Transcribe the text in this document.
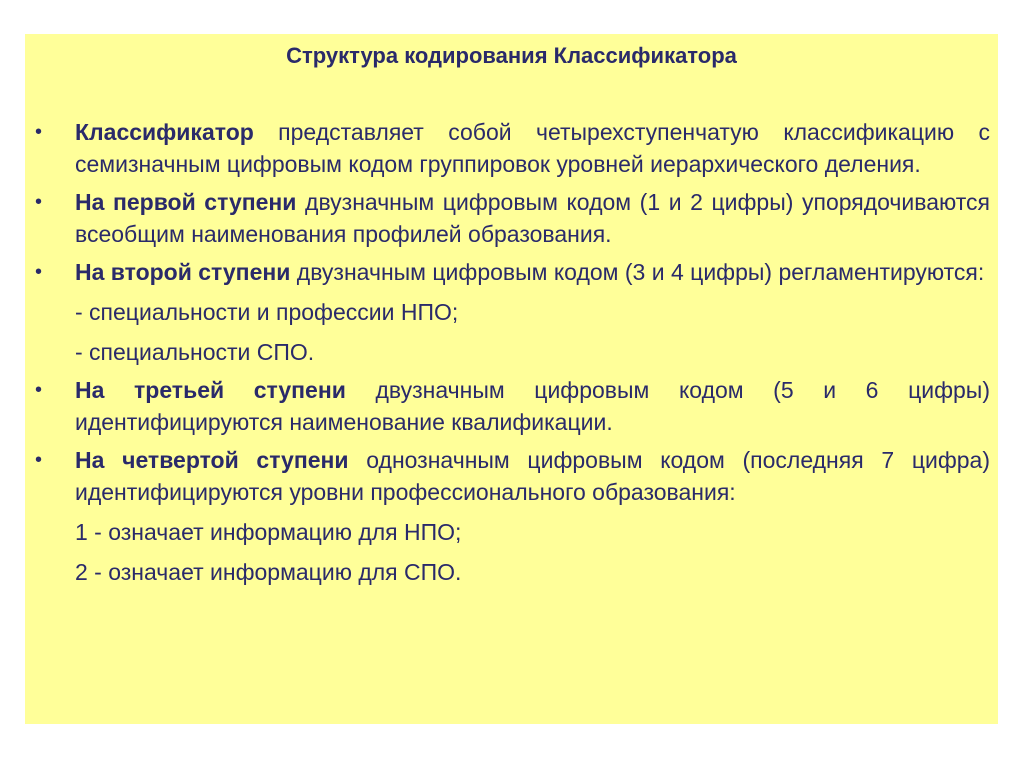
Структура кодирования Классификатора
• Классификатор представляет собой четырехступенчатую классификацию с семизначным цифровым кодом группировок уровней иерархического деления.
• На первой ступени двузначным цифровым кодом (1 и 2 цифры) упорядочиваются всеобщим наименования профилей образования.
• На второй ступени двузначным цифровым кодом (3 и 4 цифры) регламентируются:
- специальности и профессии НПО;
- специальности СПО.
• На третьей ступени двузначным цифровым кодом (5 и 6 цифры) идентифицируются наименование квалификации.
• На четвертой ступени однозначным цифровым кодом (последняя 7 цифра) идентифицируются уровни профессионального образования:
1 - означает информацию для НПО;
2 - означает информацию для СПО.
